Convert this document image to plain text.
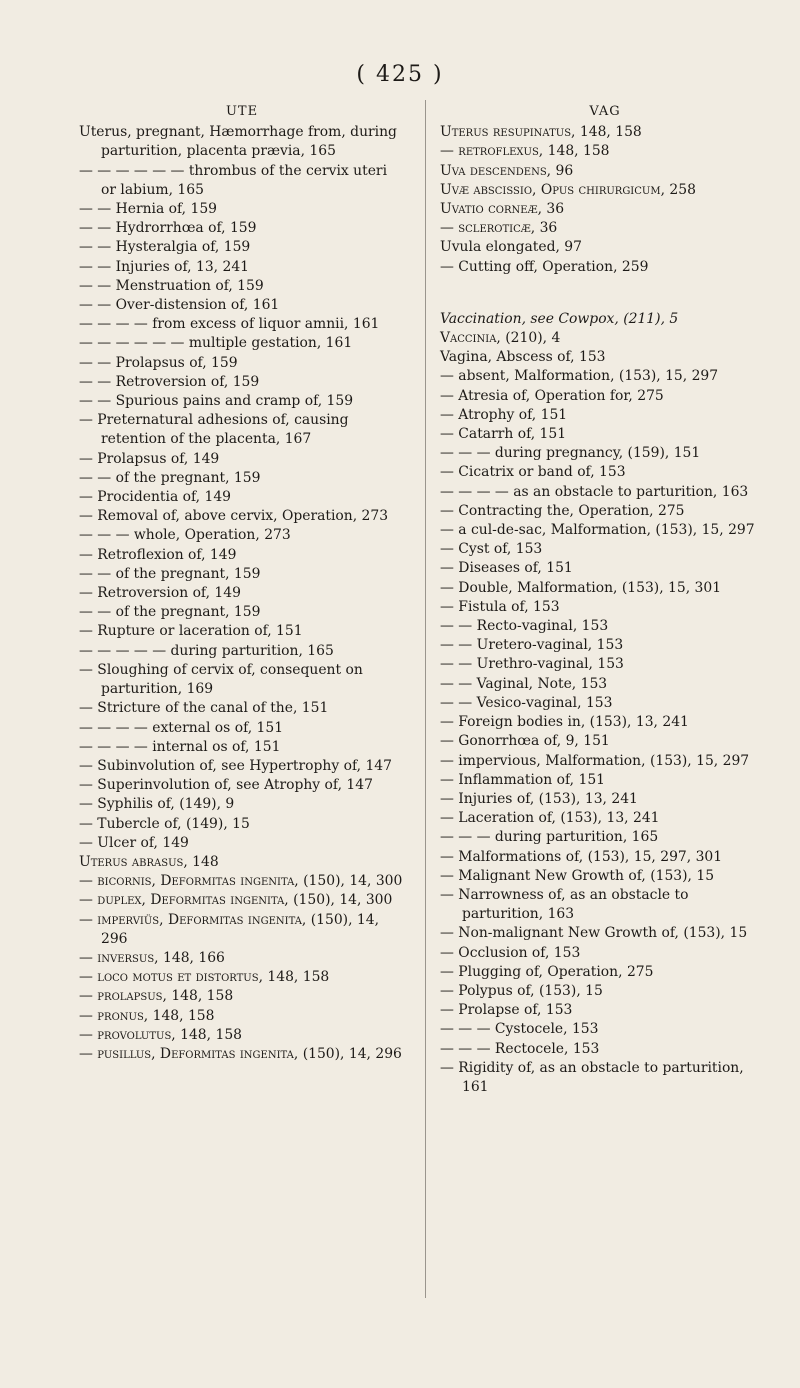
( 425 )
UTE
Uterus, pregnant, Hæmorrhage from, during parturition, placenta prævia, 165
— — — — — — thrombus of the cervix uteri or labium, 165
— — Hernia of, 159
— — Hydrorrhœa of, 159
— — Hysteralgia of, 159
— — Injuries of, 13, 241
— — Menstruation of, 159
— — Over-distension of, 161
— — — — from excess of liquor amnii, 161
— — — — — — multiple gestation, 161
— — Prolapsus of, 159
— — Retroversion of, 159
— — Spurious pains and cramp of, 159
— Preternatural adhesions of, causing retention of the placenta, 167
— Prolapsus of, 149
— — of the pregnant, 159
— Procidentia of, 149
— Removal of, above cervix, Operation, 273
— — — whole, Operation, 273
— Retroflexion of, 149
— — of the pregnant, 159
— Retroversion of, 149
— — of the pregnant, 159
— Rupture or laceration of, 151
— — — — — during parturition, 165
— Sloughing of cervix of, consequent on parturition, 169
— Stricture of the canal of the, 151
— — — — external os of, 151
— — — — internal os of, 151
— Subinvolution of, see Hypertrophy of, 147
— Superinvolution of, see Atrophy of, 147
— Syphilis of, (149), 9
— Tubercle of, (149), 15
— Ulcer of, 149
Uterus abrasus, 148
— bicornis, Deformitas ingenita, (150), 14, 300
— duplex, Deformitas ingenita, (150), 14, 300
— imperviüs, Deformitas ingenita, (150), 14, 296
— inversus, 148, 166
— loco motus et distortus, 148, 158
— prolapsus, 148, 158
— pronus, 148, 158
— provolutus, 148, 158
— pusillus, Deformitas ingenita, (150), 14, 296
VAG
Uterus resupinatus, 148, 158
— retroflexus, 148, 158
Uva descendens, 96
Uvæ abscissio, Opus chirurgicum, 258
Uvatio corneæ, 36
— scleroticæ, 36
Uvula elongated, 97
— Cutting off, Operation, 259
Vaccination, see Cowpox, (211), 5
Vaccinia, (210), 4
Vagina, Abscess of, 153
— absent, Malformation, (153), 15, 297
— Atresia of, Operation for, 275
— Atrophy of, 151
— Catarrh of, 151
— — — during pregnancy, (159), 151
— Cicatrix or band of, 153
— — — — as an obstacle to parturition, 163
— Contracting the, Operation, 275
— a cul-de-sac, Malformation, (153), 15, 297
— Cyst of, 153
— Diseases of, 151
— Double, Malformation, (153), 15, 301
— Fistula of, 153
— — Recto-vaginal, 153
— — Uretero-vaginal, 153
— — Urethro-vaginal, 153
— — Vaginal, Note, 153
— — Vesico-vaginal, 153
— Foreign bodies in, (153), 13, 241
— Gonorrhœa of, 9, 151
— impervious, Malformation, (153), 15, 297
— Inflammation of, 151
— Injuries of, (153), 13, 241
— Laceration of, (153), 13, 241
— — — during parturition, 165
— Malformations of, (153), 15, 297, 301
— Malignant New Growth of, (153), 15
— Narrowness of, as an obstacle to parturition, 163
— Non-malignant New Growth of, (153), 15
— Occlusion of, 153
— Plugging of, Operation, 275
— Polypus of, (153), 15
— Prolapse of, 153
— — — Cystocele, 153
— — — Rectocele, 153
— Rigidity of, as an obstacle to parturition, 161
